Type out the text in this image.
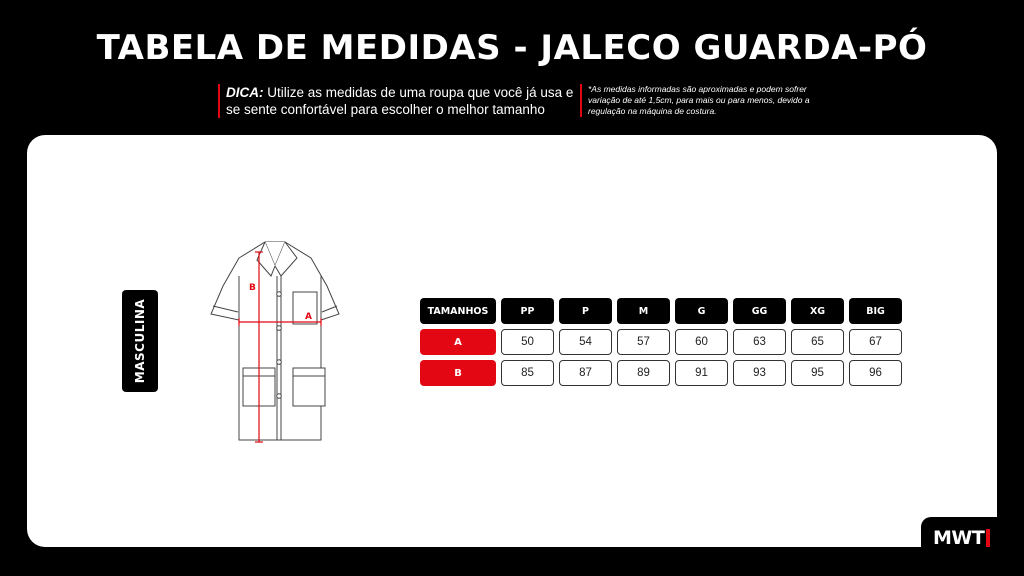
TABELA DE MEDIDAS - JALECO GUARDA-PÓ
DICA: Utilize as medidas de uma roupa que você já usa e se sente confortável para escolher o melhor tamanho
*As medidas informadas são aproximadas e podem sofrer variação de até 1,5cm, para mais ou para menos, devido a regulação na máquina de costura.
MASCULINA
B
A
TAMANHOS	PP	P	M	G	GG	XG	BIG
A	50	54	57	60	63	65	67
B	85	87	89	91	93	95	96
MWT
